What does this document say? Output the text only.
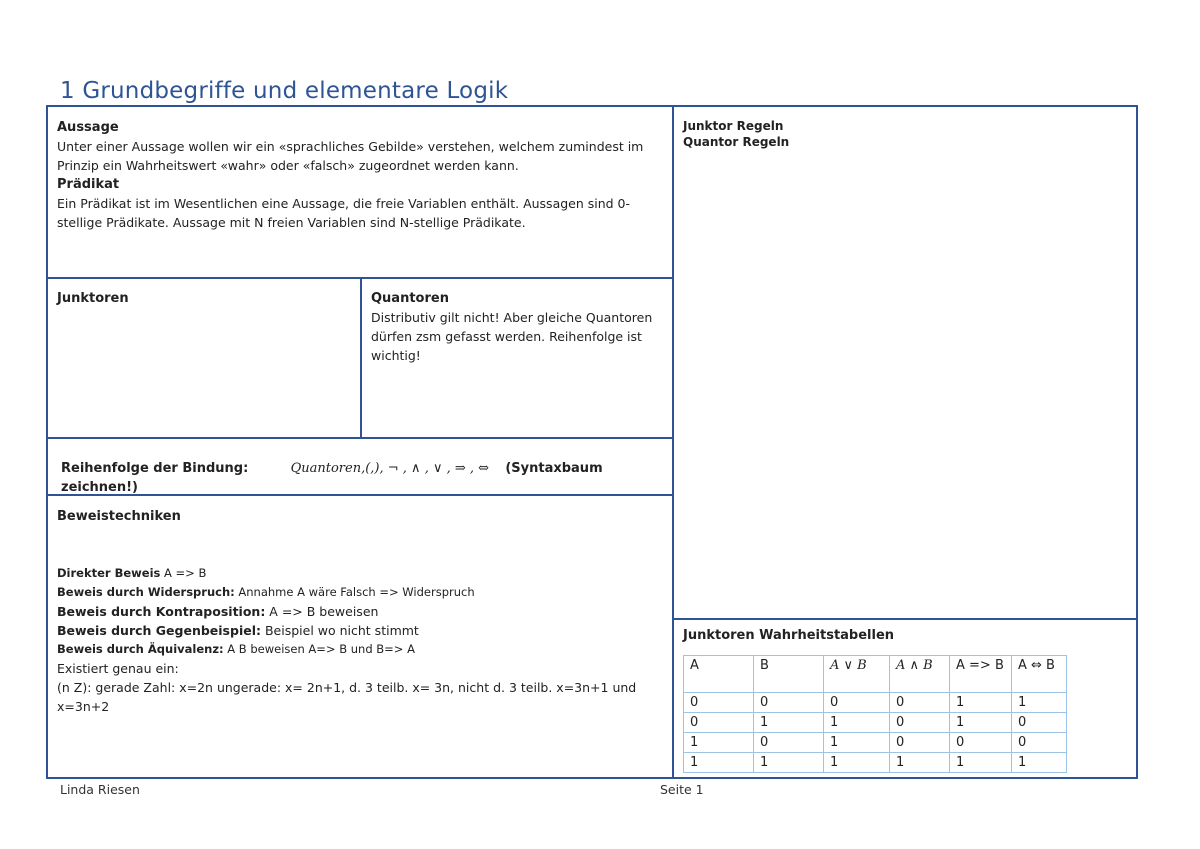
1 Grundbegriffe und elementare Logik
Aussage
Unter einer Aussage wollen wir ein «sprachliches Gebilde» verstehen, welchem zumindest im Prinzip ein Wahrheitswert «wahr» oder «falsch» zugeordnet werden kann.
Prädikat
Ein Prädikat ist im Wesentlichen eine Aussage, die freie Variablen enthält. Aussagen sind 0-stellige Prädikate. Aussage mit N freien Variablen sind N-stellige Prädikate.
Junktoren	Quantoren
Distributiv gilt nicht! Aber gleiche Quantoren dürfen zsm gefasst werden. Reihenfolge ist wichtig!
Reihenfolge der Bindung:	Quantoren,(,), ¬ , ∧ , ∨ , ⇒ , ⇔ (Syntaxbaum zeichnen!)
Beweistechniken
Direkter Beweis A => B
Beweis durch Widerspruch: Annahme A wäre Falsch => Widerspruch
Beweis durch Kontraposition: A => B beweisen
Beweis durch Gegenbeispiel: Beispiel wo nicht stimmt
Beweis durch Äquivalenz: A B beweisen A=> B und B=> A
Existiert genau ein:
(n Z): gerade Zahl: x=2n ungerade: x= 2n+1, d. 3 teilb. x= 3n, nicht d. 3 teilb. x=3n+1 und x=3n+2
Junktor Regeln
Quantor Regeln
Junktoren Wahrheitstabellen
A	B	A ∨ B	A ∧ B	A => B	A ⇔ B
0	0	0	0	1	1
0	1	1	0	1	0
1	0	1	0	0	0
1	1	1	1	1	1
Linda Riesen	Seite 1
